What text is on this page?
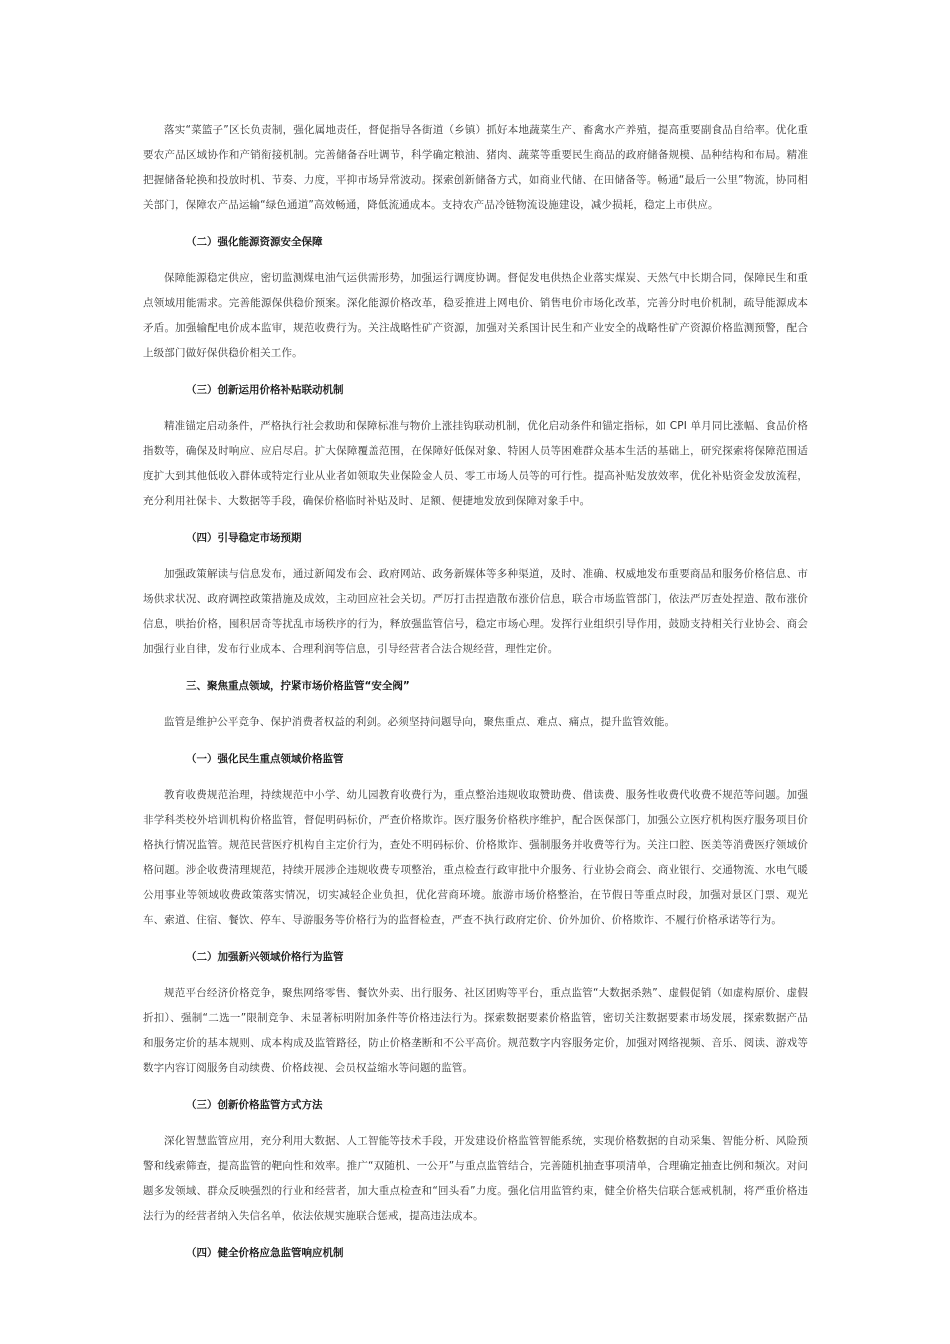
落实“菜篮子”区长负责制，强化属地责任，督促指导各街道（乡镇）抓好本地蔬菜生产、畜禽水产养殖，提高重要副食品自给率。优化重要农产品区域协作和产销衔接机制。完善储备吞吐调节，科学确定粮油、猪肉、蔬菜等重要民生商品的政府储备规模、品种结构和布局。精准把握储备轮换和投放时机、节奏、力度，平抑市场异常波动。探索创新储备方式，如商业代储、在田储备等。畅通“最后一公里”物流，协同相关部门，保障农产品运输“绿色通道”高效畅通，降低流通成本。支持农产品冷链物流设施建设，减少损耗，稳定上市供应。

（二）强化能源资源安全保障

保障能源稳定供应，密切监测煤电油气运供需形势，加强运行调度协调。督促发电供热企业落实煤炭、天然气中长期合同，保障民生和重点领域用能需求。完善能源保供稳价预案。深化能源价格改革，稳妥推进上网电价、销售电价市场化改革，完善分时电价机制，疏导能源成本矛盾。加强输配电价成本监审，规范收费行为。关注战略性矿产资源，加强对关系国计民生和产业安全的战略性矿产资源价格监测预警，配合上级部门做好保供稳价相关工作。

（三）创新运用价格补贴联动机制

精准锚定启动条件，严格执行社会救助和保障标准与物价上涨挂钩联动机制，优化启动条件和锚定指标，如 CPI 单月同比涨幅、食品价格指数等，确保及时响应、应启尽启。扩大保障覆盖范围，在保障好低保对象、特困人员等困难群众基本生活的基础上，研究探索将保障范围适度扩大到其他低收入群体或特定行业从业者如领取失业保险金人员、零工市场人员等的可行性。提高补贴发放效率，优化补贴资金发放流程，充分利用社保卡、大数据等手段，确保价格临时补贴及时、足额、便捷地发放到保障对象手中。

（四）引导稳定市场预期

加强政策解读与信息发布，通过新闻发布会、政府网站、政务新媒体等多种渠道，及时、准确、权威地发布重要商品和服务价格信息、市场供求状况、政府调控政策措施及成效，主动回应社会关切。严厉打击捏造散布涨价信息，联合市场监管部门，依法严厉查处捏造、散布涨价信息，哄抬价格，囤积居奇等扰乱市场秩序的行为，释放强监管信号，稳定市场心理。发挥行业组织引导作用，鼓励支持相关行业协会、商会加强行业自律，发布行业成本、合理利润等信息，引导经营者合法合规经营，理性定价。

三、聚焦重点领域，拧紧市场价格监管“安全阀”

监管是维护公平竞争、保护消费者权益的利剑。必须坚持问题导向，聚焦重点、难点、痛点，提升监管效能。

（一）强化民生重点领域价格监管

教育收费规范治理，持续规范中小学、幼儿园教育收费行为，重点整治违规收取赞助费、借读费、服务性收费代收费不规范等问题。加强非学科类校外培训机构价格监管，督促明码标价，严查价格欺诈。医疗服务价格秩序维护，配合医保部门，加强公立医疗机构医疗服务项目价格执行情况监管。规范民营医疗机构自主定价行为，查处不明码标价、价格欺诈、强制服务并收费等行为。关注口腔、医美等消费医疗领域价格问题。涉企收费清理规范，持续开展涉企违规收费专项整治，重点检查行政审批中介服务、行业协会商会、商业银行、交通物流、水电气暖公用事业等领域收费政策落实情况，切实减轻企业负担，优化营商环境。旅游市场价格整治，在节假日等重点时段，加强对景区门票、观光车、索道、住宿、餐饮、停车、导游服务等价格行为的监督检查，严查不执行政府定价、价外加价、价格欺诈、不履行价格承诺等行为。

（二）加强新兴领域价格行为监管

规范平台经济价格竞争，聚焦网络零售、餐饮外卖、出行服务、社区团购等平台，重点监管“大数据杀熟”、虚假促销（如虚构原价、虚假折扣）、强制“二选一”限制竞争、未显著标明附加条件等价格违法行为。探索数据要素价格监管，密切关注数据要素市场发展，探索数据产品和服务定价的基本规则、成本构成及监管路径，防止价格垄断和不公平高价。规范数字内容服务定价，加强对网络视频、音乐、阅读、游戏等数字内容订阅服务自动续费、价格歧视、会员权益缩水等问题的监管。

（三）创新价格监管方式方法

深化智慧监管应用，充分利用大数据、人工智能等技术手段，开发建设价格监管智能系统，实现价格数据的自动采集、智能分析、风险预警和线索筛查，提高监管的靶向性和效率。推广“双随机、一公开”与重点监管结合，完善随机抽查事项清单，合理确定抽查比例和频次。对问题多发领域、群众反映强烈的行业和经营者，加大重点检查和“回头看”力度。强化信用监管约束，健全价格失信联合惩戒机制，将严重价格违法行为的经营者纳入失信名单，依法依规实施联合惩戒，提高违法成本。

（四）健全价格应急监管响应机制
